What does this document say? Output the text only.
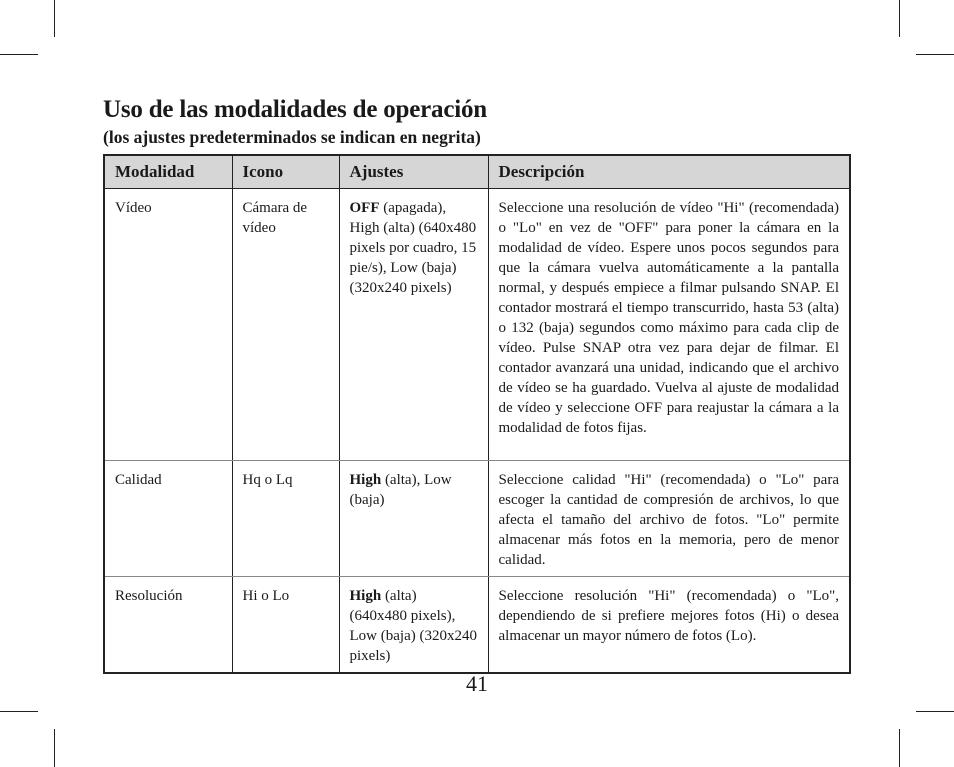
Uso de las modalidades de operación
(los ajustes predeterminados se indican en negrita)
Modalidad	Icono	Ajustes	Descripción
Vídeo	Cámara de vídeo	OFF (apagada), High (alta) (640x480 pixels por cuadro, 15 pie/s), Low (baja) (320x240 pixels)	Seleccione una resolución de vídeo "Hi" (recomendada) o "Lo" en vez de "OFF" para poner la cámara en la modalidad de vídeo. Espere unos pocos segundos para que la cámara vuelva automáticamente a la pantalla normal, y después empiece a filmar pulsando SNAP. El contador mostrará el tiempo transcurrido, hasta 53 (alta) o 132 (baja) segundos como máximo para cada clip de vídeo. Pulse SNAP otra vez para dejar de filmar. El contador avanzará una unidad, indicando que el archivo de vídeo se ha guardado. Vuelva al ajuste de modalidad de vídeo y seleccione OFF para reajustar la cámara a la modalidad de fotos fijas.
Calidad	Hq o Lq	High (alta), Low (baja)	Seleccione calidad "Hi" (recomendada) o "Lo" para escoger la cantidad de compresión de archivos, lo que afecta el tamaño del archivo de fotos. "Lo" permite almacenar más fotos en la memoria, pero de menor calidad.
Resolución	Hi o Lo	High (alta) (640x480 pixels), Low (baja) (320x240 pixels)	Seleccione resolución "Hi" (recomendada) o "Lo", dependiendo de si prefiere mejores fotos (Hi) o desea almacenar un mayor número de fotos (Lo).
41
